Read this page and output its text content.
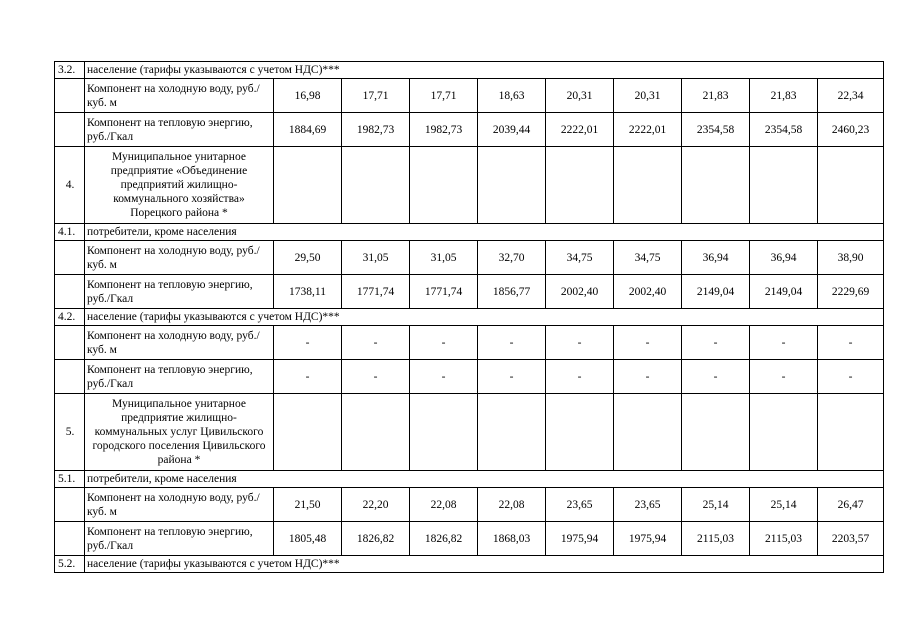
3.2.	население (тарифы указываются с учетом НДС)***									
	Компонент на холодную воду, руб./куб. м	16,98	17,71	17,71	18,63	20,31	20,31	21,83	21,83	22,34
	Компонент на тепловую энергию, руб./Гкал	1884,69	1982,73	1982,73	2039,44	2222,01	2222,01	2354,58	2354,58	2460,23
4.	Муниципальное унитарное предприятие «Объединение предприятий жилищно-коммунального хозяйства» Порецкого района *									
4.1.	потребители, кроме населения									
	Компонент на холодную воду, руб./куб. м	29,50	31,05	31,05	32,70	34,75	34,75	36,94	36,94	38,90
	Компонент на тепловую энергию, руб./Гкал	1738,11	1771,74	1771,74	1856,77	2002,40	2002,40	2149,04	2149,04	2229,69
4.2.	население (тарифы указываются с учетом НДС)***									
	Компонент на холодную воду, руб./куб. м	-	-	-	-	-	-	-	-	-
	Компонент на тепловую энергию, руб./Гкал	-	-	-	-	-	-	-	-	-
5.	Муниципальное унитарное предприятие жилищно-коммунальных услуг Цивильского городского поселения Цивильского района *									
5.1.	потребители, кроме населения									
	Компонент на холодную воду, руб./куб. м	21,50	22,20	22,08	22,08	23,65	23,65	25,14	25,14	26,47
	Компонент на тепловую энергию, руб./Гкал	1805,48	1826,82	1826,82	1868,03	1975,94	1975,94	2115,03	2115,03	2203,57
5.2.	население (тарифы указываются с учетом НДС)***									
